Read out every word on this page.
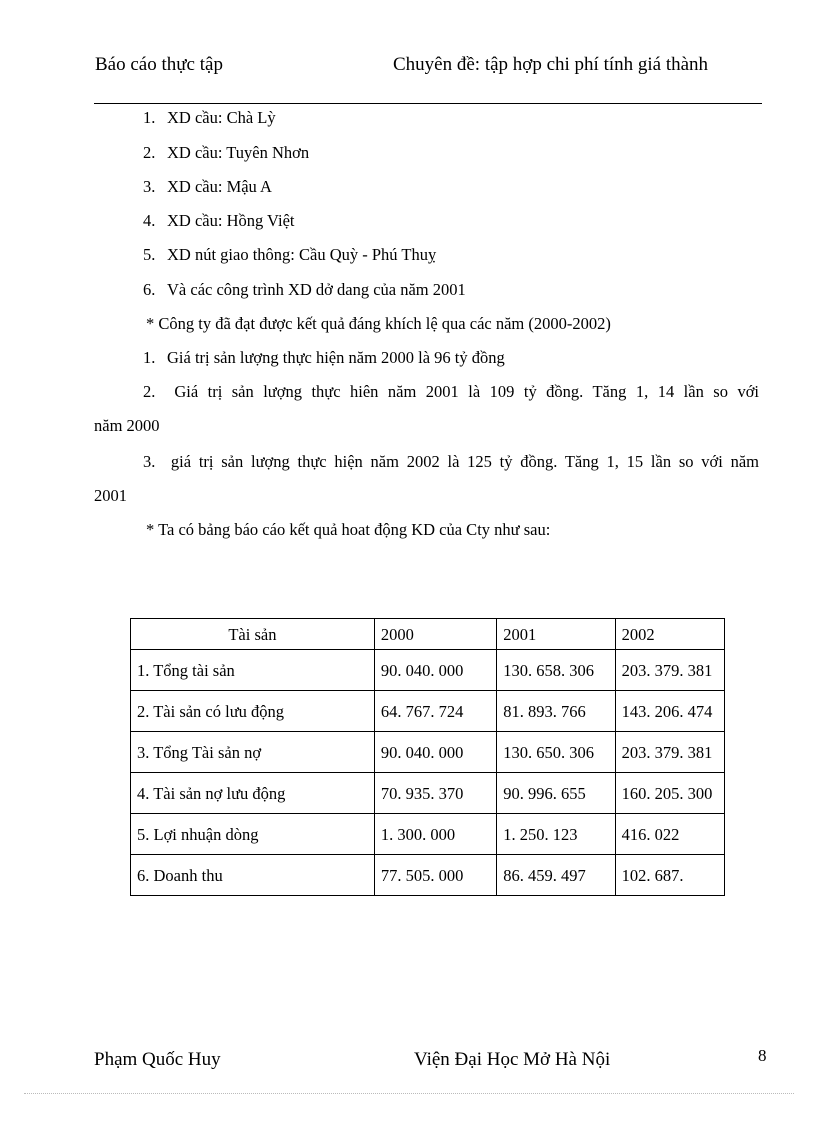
Báo cáo thực tập	Chuyên đề: tập hợp chi phí tính giá thành
1. XD cầu: Chà Lỳ
2. XD cầu: Tuyên Nhơn
3. XD cầu: Mậu A
4. XD cầu: Hồng Việt
5. XD nút giao thông: Cầu Quỳ - Phú Thuỵ
6. Và các công trình XD dở dang của năm 2001
* Công ty đã đạt được kết quả đáng khích lệ qua các năm (2000-2002)
1. Giá trị sản lượng thực hiện năm 2000 là 96 tỷ đồng
2. Giá trị sản lượng thực hiên năm 2001 là 109 tỷ đồng. Tăng 1, 14 lần so với
năm 2000
3. giá trị sản lượng thực hiện năm 2002 là 125 tỷ đồng. Tăng 1, 15 lần so với năm
2001
* Ta có bảng báo cáo kết quả hoat động KD của Cty như sau:
Tài sản	2000	2001	2002
1. Tổng tài sản	90. 040. 000	130. 658. 306	203. 379. 381
2. Tài sản có lưu động	64. 767. 724	81. 893. 766	143. 206. 474
3. Tổng Tài sản nợ	90. 040. 000	130. 650. 306	203. 379. 381
4. Tài sản nợ lưu động	70. 935. 370	90. 996. 655	160. 205. 300
5. Lợi nhuận dòng	1. 300. 000	1. 250. 123	416. 022
6. Doanh thu	77. 505. 000	86. 459. 497	102. 687.
Phạm Quốc Huy	Viện Đại Học Mở Hà Nội	8
